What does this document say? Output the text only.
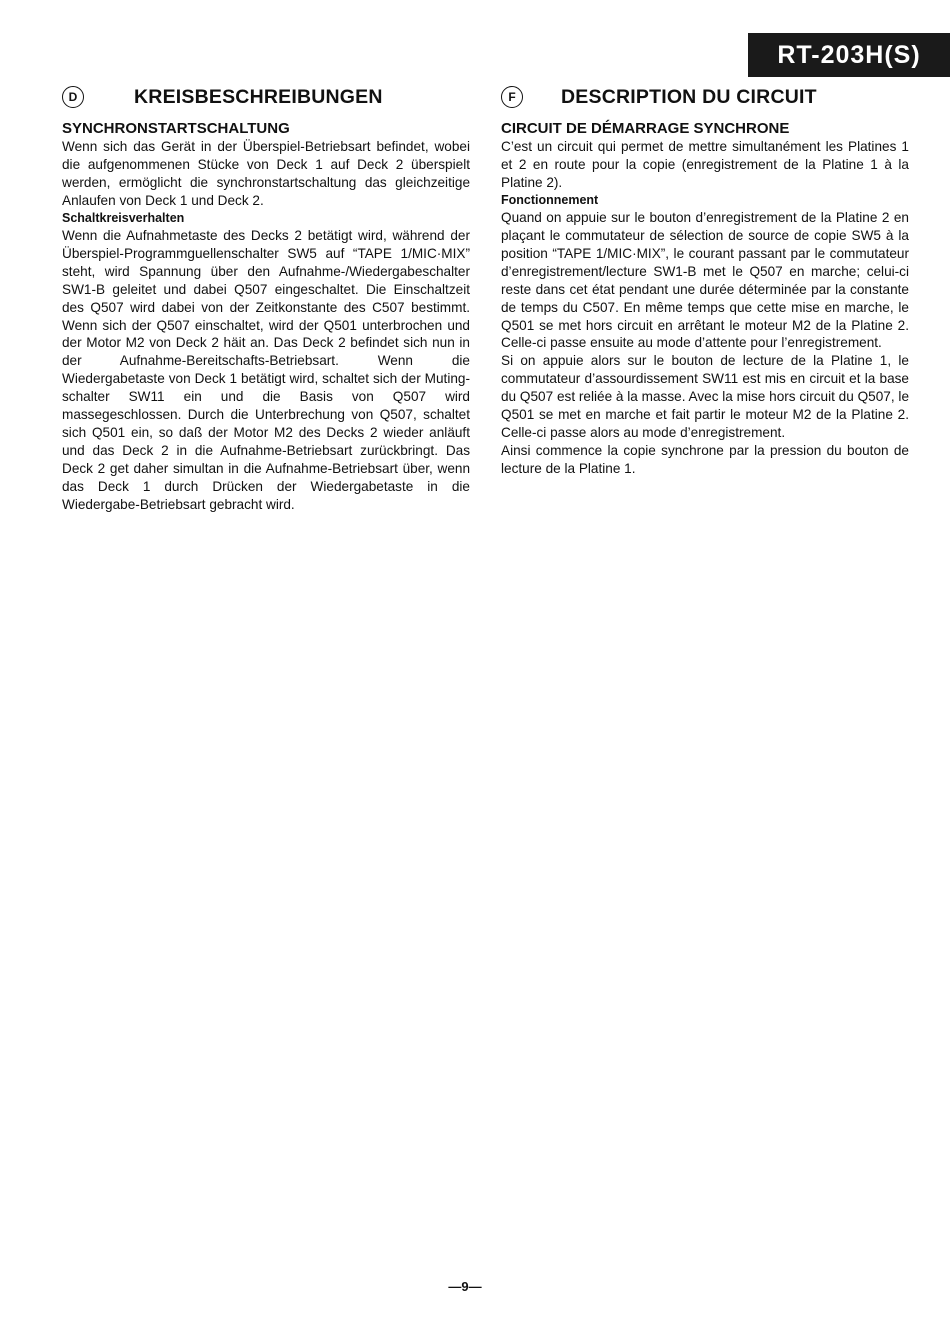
RT-203H(S)
D	KREISBESCHREIBUNGEN

SYNCHRONSTARTSCHALTUNG

Wenn sich das Gerät in der Überspiel-Betriebsart befindet, wobei die aufgenommenen Stücke von Deck 1 auf Deck 2 überspielt werden, ermöglicht die synchronstartschaltung das gleichzeitige Anlaufen von Deck 1 und Deck 2.

Schaltkreisverhalten

Wenn die Aufnahmetaste des Decks 2 betätigt wird, während der Überspiel-Programmguellenschalter SW5 auf “TAPE 1/MIC·MIX” steht, wird Spannung über den Aufnahme-/Wiedergabeschalter SW1-B geleitet und dabei Q507 eingeschaltet. Die Einschaltzeit des Q507 wird dabei von der Zeitkonstante des C507 bestimmt. Wenn sich der Q507 einschaltet, wird der Q501 unterbrochen und der Motor M2 von Deck 2 häit an. Das Deck 2 befindet sich nun in der Aufnahme-Bereitschafts-Betriebsart. Wenn die Wiedergabetaste von Deck 1 betätigt wird, schaltet sich der Muting-schalter SW11 ein und die Basis von Q507 wird massegeschlossen. Durch die Unterbrechung von Q507, schaltet sich Q501 ein, so daß der Motor M2 des Decks 2 wieder anläuft und das Deck 2 in die Aufnahme-Betriebsart zurückbringt. Das Deck 2 get daher simultan in die Aufnahme-Betriebsart über, wenn das Deck 1 durch Drücken der Wiedergabetaste in die Wiedergabe-Betriebsart gebracht wird.

F	DESCRIPTION DU CIRCUIT

CIRCUIT DE DÉMARRAGE SYNCHRONE

C’est un circuit qui permet de mettre simultanément les Platines 1 et 2 en route pour la copie (enregistrement de la Platine 1 à la Platine 2).

Fonctionnement

Quand on appuie sur le bouton d’enregistrement de la Platine 2 en plaçant le commutateur de sélection de source de copie SW5 à la position “TAPE 1/MIC·MIX”, le courant passant par le commutateur d’enregistrement/lecture SW1-B met le Q507 en marche; celui-ci reste dans cet état pendant une durée déterminée par la constante de temps du C507. En même temps que cette mise en marche, le Q501 se met hors circuit en arrêtant le moteur M2 de la Platine 2. Celle-ci passe ensuite au mode d’attente pour l’enregistrement.

Si on appuie alors sur le bouton de lecture de la Platine 1, le commutateur d’assourdissement SW11 est mis en circuit et la base du Q507 est reliée à la masse. Avec la mise hors circuit du Q507, le Q501 se met en marche et fait partir le moteur M2 de la Platine 2. Celle-ci passe alors au mode d’enregistrement.

Ainsi commence la copie synchrone par la pression du bouton de lecture de la Platine 1.

—9—
